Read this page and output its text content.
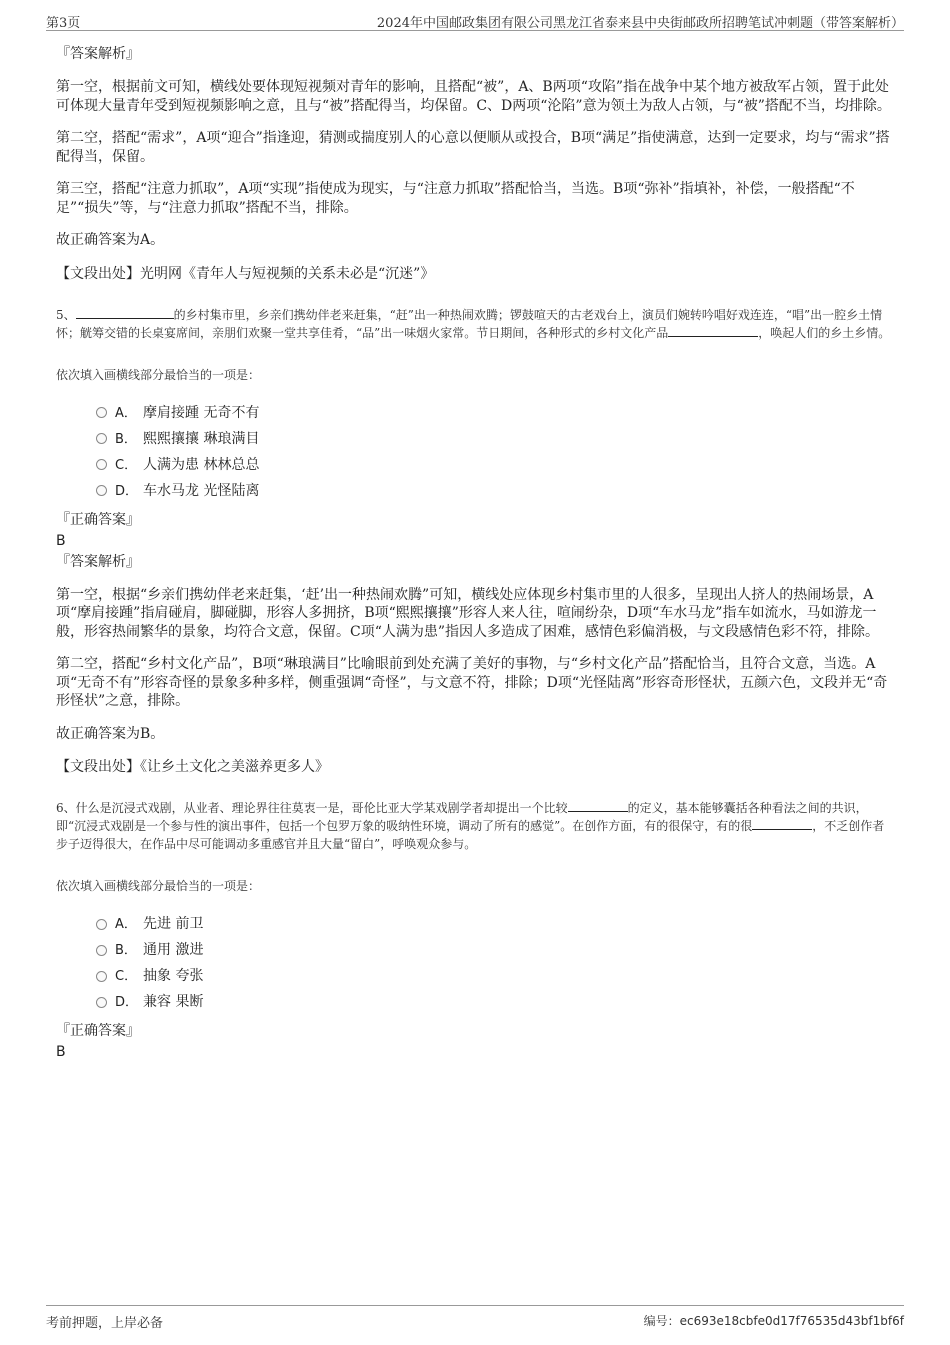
第3页	2024年中国邮政集团有限公司黑龙江省泰来县中央街邮政所招聘笔试冲刺题（带答案解析）
『答案解析』
第一空，根据前文可知，横线处要体现短视频对青年的影响，且搭配“被”，A、B两项“攻陷”指在战争中某个地方被敌军占领，置于此处可体现大量青年受到短视频影响之意，且与“被”搭配得当，均保留。C、D两项“沦陷”意为领土为敌人占领，与“被”搭配不当，均排除。
第二空，搭配“需求”，A项“迎合”指逢迎，猜测或揣度别人的心意以便顺从或投合，B项“满足”指使满意，达到一定要求，均与“需求”搭配得当，保留。
第三空，搭配“注意力抓取”，A项“实现”指使成为现实，与“注意力抓取”搭配恰当，当选。B项“弥补”指填补，补偿，一般搭配“不足”“损失”等，与“注意力抓取”搭配不当，排除。
故正确答案为A。
【文段出处】光明网《青年人与短视频的关系未必是“沉迷”》
5、	的乡村集市里，乡亲们携幼伴老来赶集，“赶”出一种热闹欢腾；锣鼓喧天的古老戏台上，演员们婉转吟唱好戏连连，“唱”出一腔乡土情怀；觥筹交错的长桌宴席间，亲朋们欢聚一堂共享佳肴，“品”出一味烟火家常。节日期间，各种形式的乡村文化产品	，唤起人们的乡土乡情。
依次填入画横线部分最恰当的一项是：
A． 摩肩接踵 无奇不有
B． 熙熙攘攘 琳琅满目
C． 人满为患 林林总总
D． 车水马龙 光怪陆离
『正确答案』
B
『答案解析』
第一空，根据“乡亲们携幼伴老来赶集，‘赶’出一种热闹欢腾”可知，横线处应体现乡村集市里的人很多，呈现出人挤人的热闹场景，A项“摩肩接踵”指肩碰肩，脚碰脚，形容人多拥挤，B项“熙熙攘攘”形容人来人往，喧闹纷杂，D项“车水马龙”指车如流水，马如游龙一般，形容热闹繁华的景象，均符合文意，保留。C项“人满为患”指因人多造成了困难，感情色彩偏消极，与文段感情色彩不符，排除。
第二空，搭配“乡村文化产品”，B项“琳琅满目”比喻眼前到处充满了美好的事物，与“乡村文化产品”搭配恰当，且符合文意，当选。A项“无奇不有”形容奇怪的景象多种多样，侧重强调“奇怪”，与文意不符，排除；D项“光怪陆离”形容奇形怪状，五颜六色，文段并无“奇形怪状”之意，排除。
故正确答案为B。
【文段出处】《让乡土文化之美滋养更多人》
6、什么是沉浸式戏剧，从业者、理论界往往莫衷一是，哥伦比亚大学某戏剧学者却提出一个比较	的定义，基本能够囊括各种看法之间的共识，即“沉浸式戏剧是一个参与性的演出事件，包括一个包罗万象的吸纳性环境，调动了所有的感觉”。在创作方面，有的很保守，有的很	，不乏创作者步子迈得很大，在作品中尽可能调动多重感官并且大量“留白”，呼唤观众参与。
依次填入画横线部分最恰当的一项是：
A． 先进 前卫
B． 通用 激进
C． 抽象 夸张
D． 兼容 果断
『正确答案』
B
考前押题，上岸必备	编号：ec693e18cbfe0d17f76535d43bf1bf6f
